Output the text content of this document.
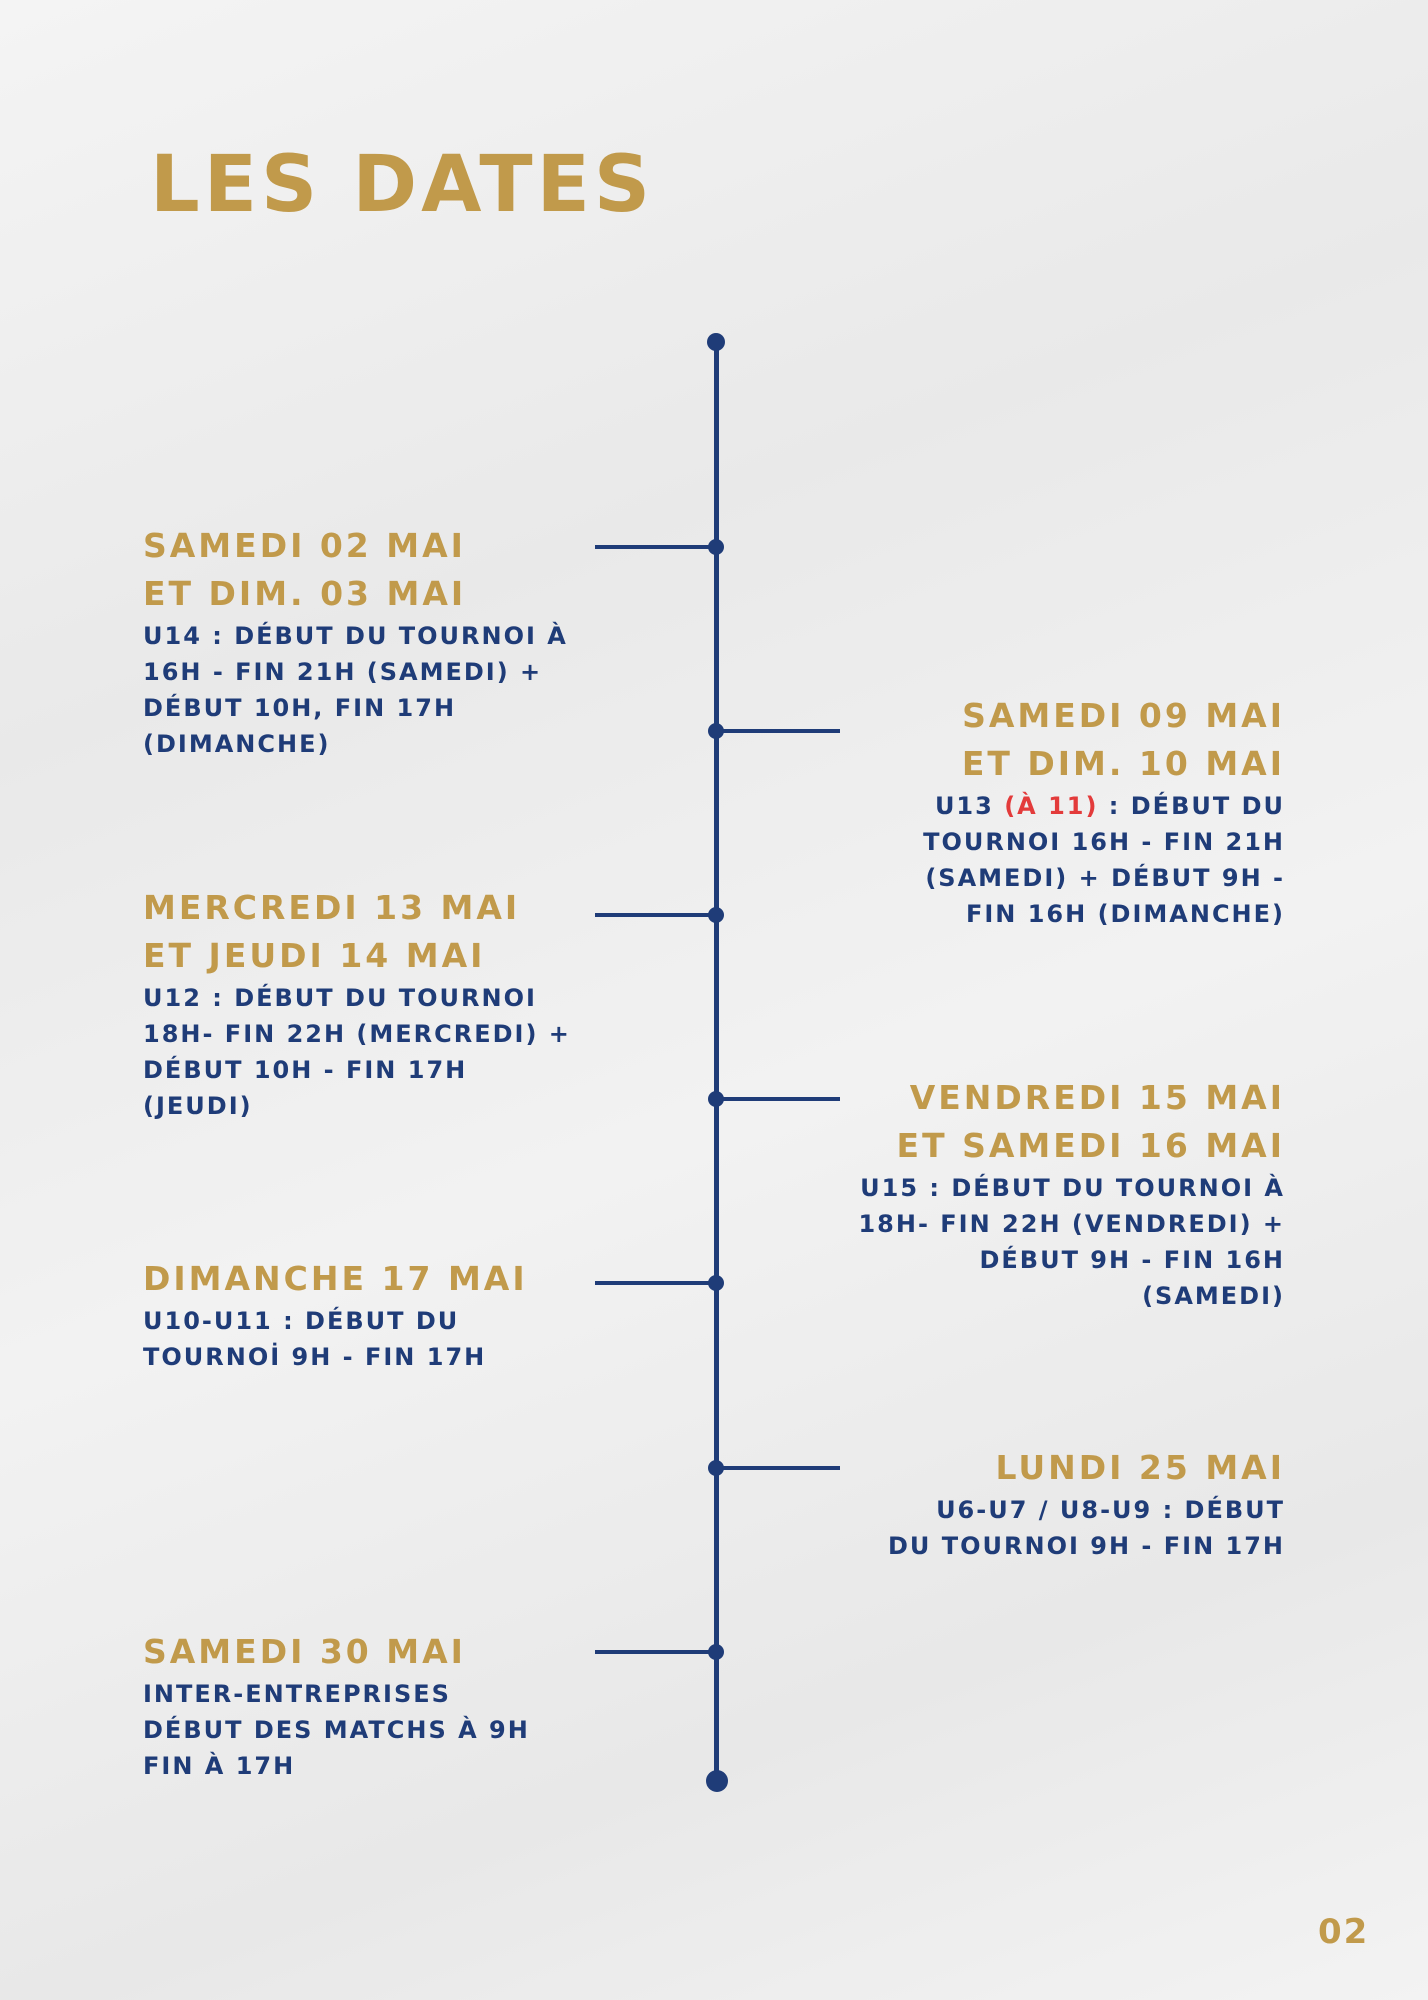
LES DATES

SAMEDI 02 MAI

ET DIM. 03 MAI

U14 : DÉBUT DU TOURNOI À

16H - FIN 21H (SAMEDI) +

DÉBUT 10H, FIN 17H

(DIMANCHE)

SAMEDI 09 MAI

ET DIM. 10 MAI

U13 (À 11) : DÉBUT DU

TOURNOI 16H - FIN 21H

(SAMEDI) + DÉBUT 9H -

FIN 16H (DIMANCHE)

MERCREDI 13 MAI

ET JEUDI 14 MAI

U12 : DÉBUT DU TOURNOI

18H- FIN 22H (MERCREDI) +

DÉBUT 10H - FIN 17H

(JEUDI)	VENDREDI 15 MAI

ET SAMEDI 16 MAI

U15 : DÉBUT DU TOURNOI À

18H- FIN 22H (VENDREDI) +

DÉBUT 9H - FIN 16H

(SAMEDI)

DIMANCHE 17 MAI

U10-U11 : DÉBUT DU

TOURNOİ 9H - FIN 17H

LUNDI 25 MAI

U6-U7 / U8-U9 : DÉBUT

DU TOURNOI 9H - FIN 17H

SAMEDI 30 MAI

INTER-ENTREPRISES

DÉBUT DES MATCHS À 9H

FIN À 17H

02
